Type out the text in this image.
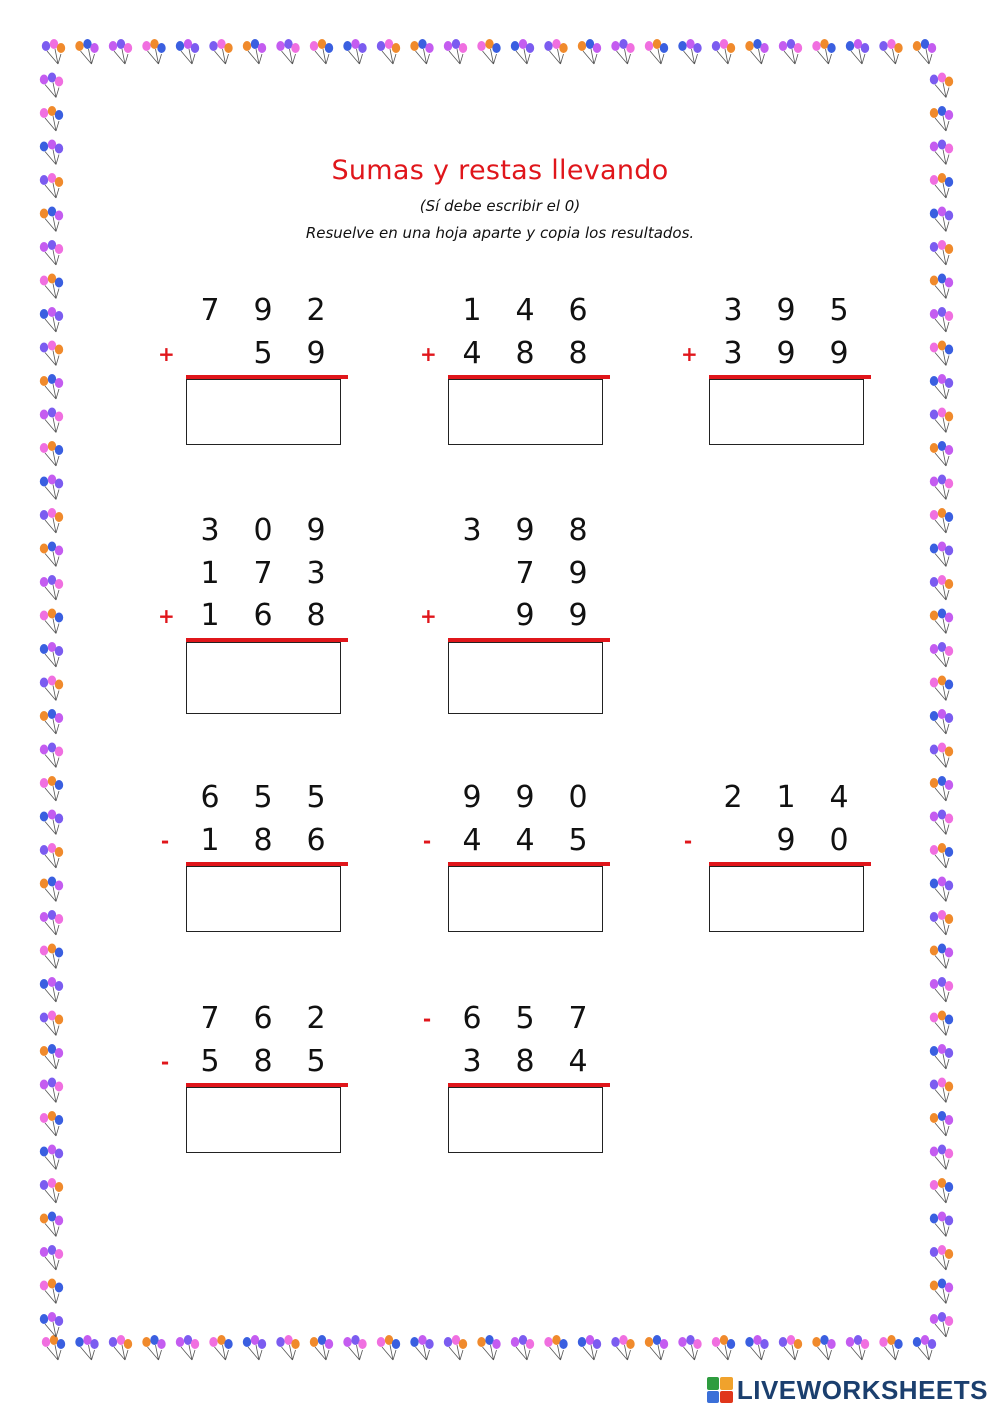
Sumas y restas llevando
(Sí debe escribir el 0)
Resuelve en una hoja aparte y copia los resultados.
7 9 2
5 9
+
1 4 6
4 8 8
+
3 9 5
3 9 9
+
3 0 9
1 7 3
1 6 8
+
3 9 8
7 9
9 9
+
6 5 5
1 8 6
-
9 9 0
4 4 5
-
2 1 4
9 0
-
7 6 2
5 8 5
-
6 5 7
3 8 4
-
LIVEWORKSHEETS
